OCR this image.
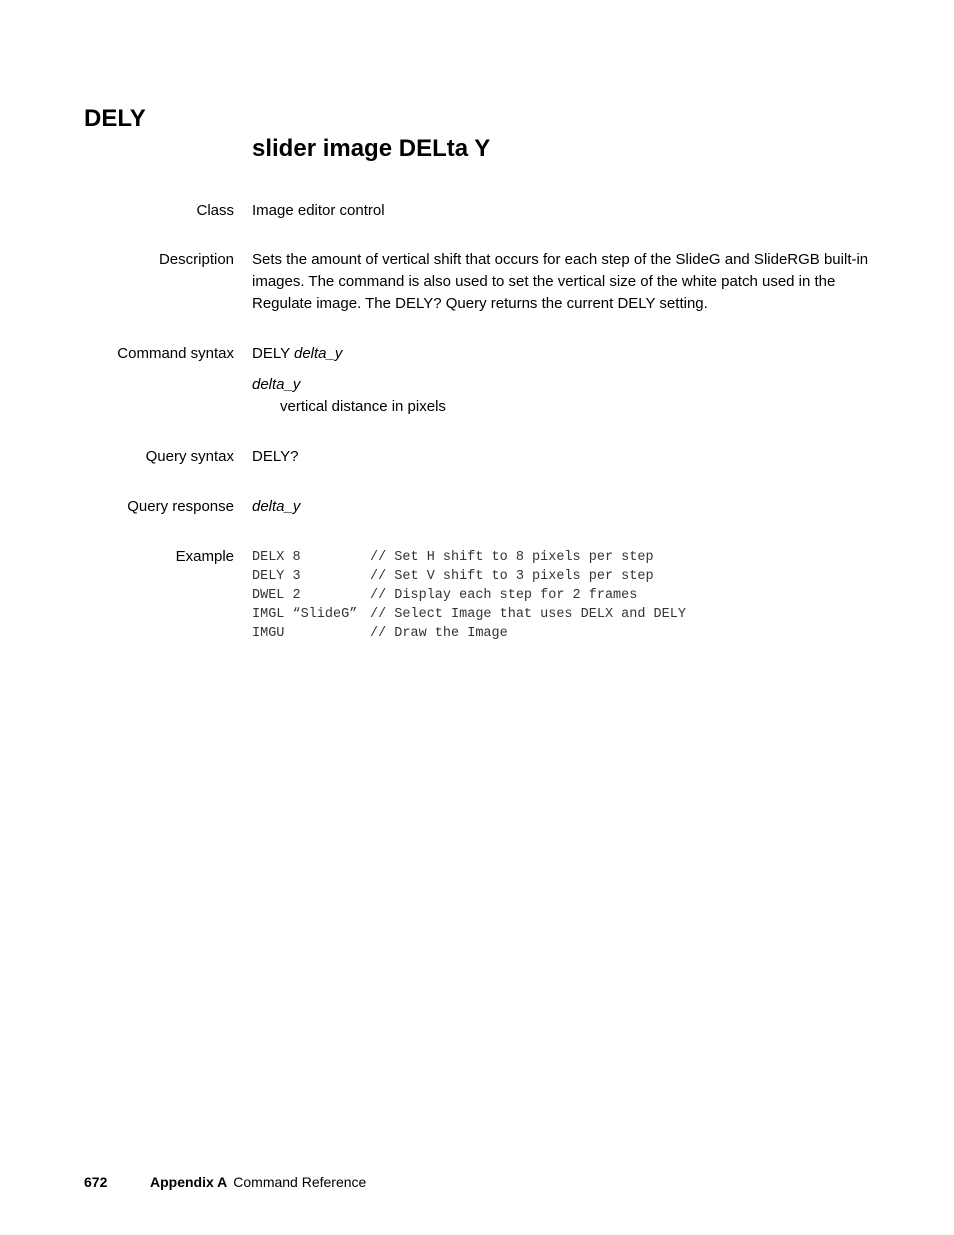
DELY
slider image DELta Y
Class Image editor control
Description Sets the amount of vertical shift that occurs for each step of the SlideG and SlideRGB built-in images. The command is also used to set the vertical size of the white patch used in the Regulate image. The DELY? Query returns the current DELY setting.
Command syntax DELY delta_y
delta_y
vertical distance in pixels
Query syntax DELY?
Query response delta_y
Example DELX 8	// Set H shift to 8 pixels per step
DELY 3	// Set V shift to 3 pixels per step
DWEL 2	// Display each step for 2 frames
IMGL “SlideG” // Select Image that uses DELX and DELY
IMGU	// Draw the Image
672	Appendix A Command Reference
